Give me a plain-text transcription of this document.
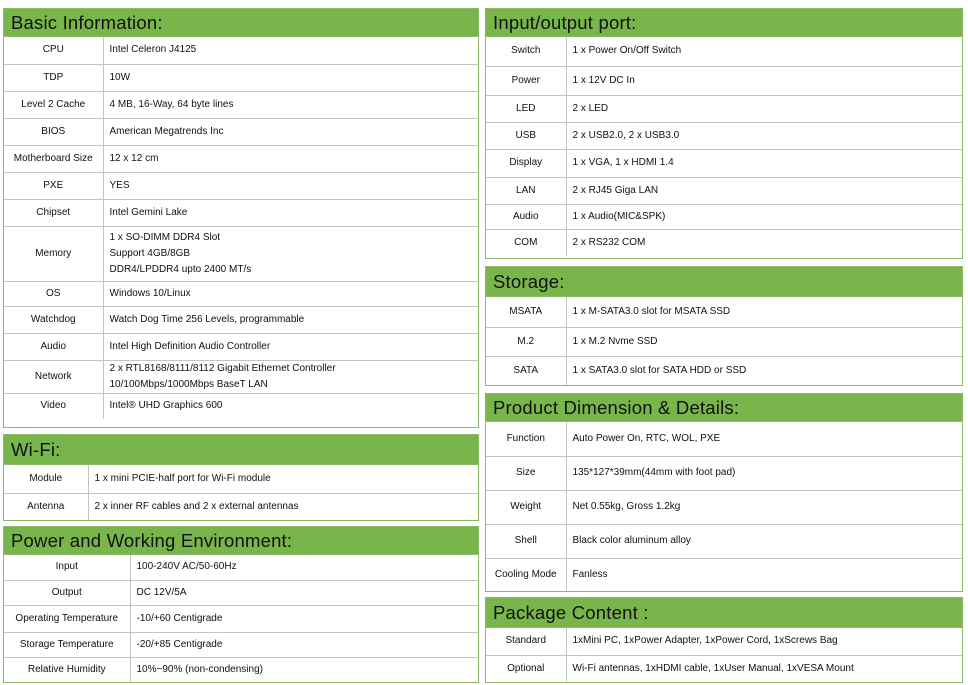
Basic Information:
CPU	Intel Celeron J4125

TDP	10W

Level 2 Cache	4 MB, 16-Way, 64 byte lines

BIOS	American Megatrends Inc

Motherboard Size	12 x 12 cm

PXE	YES

Chipset	Intel Gemini Lake

Memory	1 x SO-DIMM DDR4 Slot
Support 4GB/8GB
DDR4/LPDDR4 upto 2400 MT/s

OS	Windows 10/Linux

Watchdog	Watch Dog Time 256 Levels, programmable

Audio	Intel High Definition Audio Controller

Network	2 x RTL8168/8111/8112 Gigabit Ethernet Controller
10/100Mbps/1000Mbps BaseT LAN

Video	Intel® UHD Graphics 600
Wi-Fi:
Module	1 x mini PCIE-half port for Wi-Fi module

Antenna	2 x inner RF cables and 2 x external antennas
Power and Working Environment:
Input	100-240V AC/50-60Hz

Output	DC 12V/5A

Operating Temperature	-10/+60 Centigrade

Storage Temperature	-20/+85 Centigrade

Relative Humidity	10%~90% (non-condensing)
Input/output port:
Switch	1 x Power On/Off Switch

Power	1 x 12V DC In

LED	2 x LED

USB	2 x USB2.0, 2 x USB3.0

Display	1 x VGA, 1 x HDMI 1.4

LAN	2 x RJ45 Giga LAN

Audio	1 x Audio(MIC&SPK)

COM	2 x RS232 COM
Storage:
MSATA	1 x M-SATA3.0 slot for MSATA SSD

M.2	1 x M.2 Nvme SSD

SATA	1 x SATA3.0 slot for SATA HDD or SSD
Product Dimension & Details:
Function	Auto Power On, RTC, WOL, PXE

Size	135*127*39mm(44mm with foot pad)

Weight	Net 0.55kg, Gross 1.2kg

Shell	Black color aluminum alloy

Cooling Mode	Fanless
Package Content :
Standard	1xMini PC, 1xPower Adapter, 1xPower Cord, 1xScrews Bag

Optional	Wi-Fi antennas, 1xHDMI cable, 1xUser Manual, 1xVESA Mount
